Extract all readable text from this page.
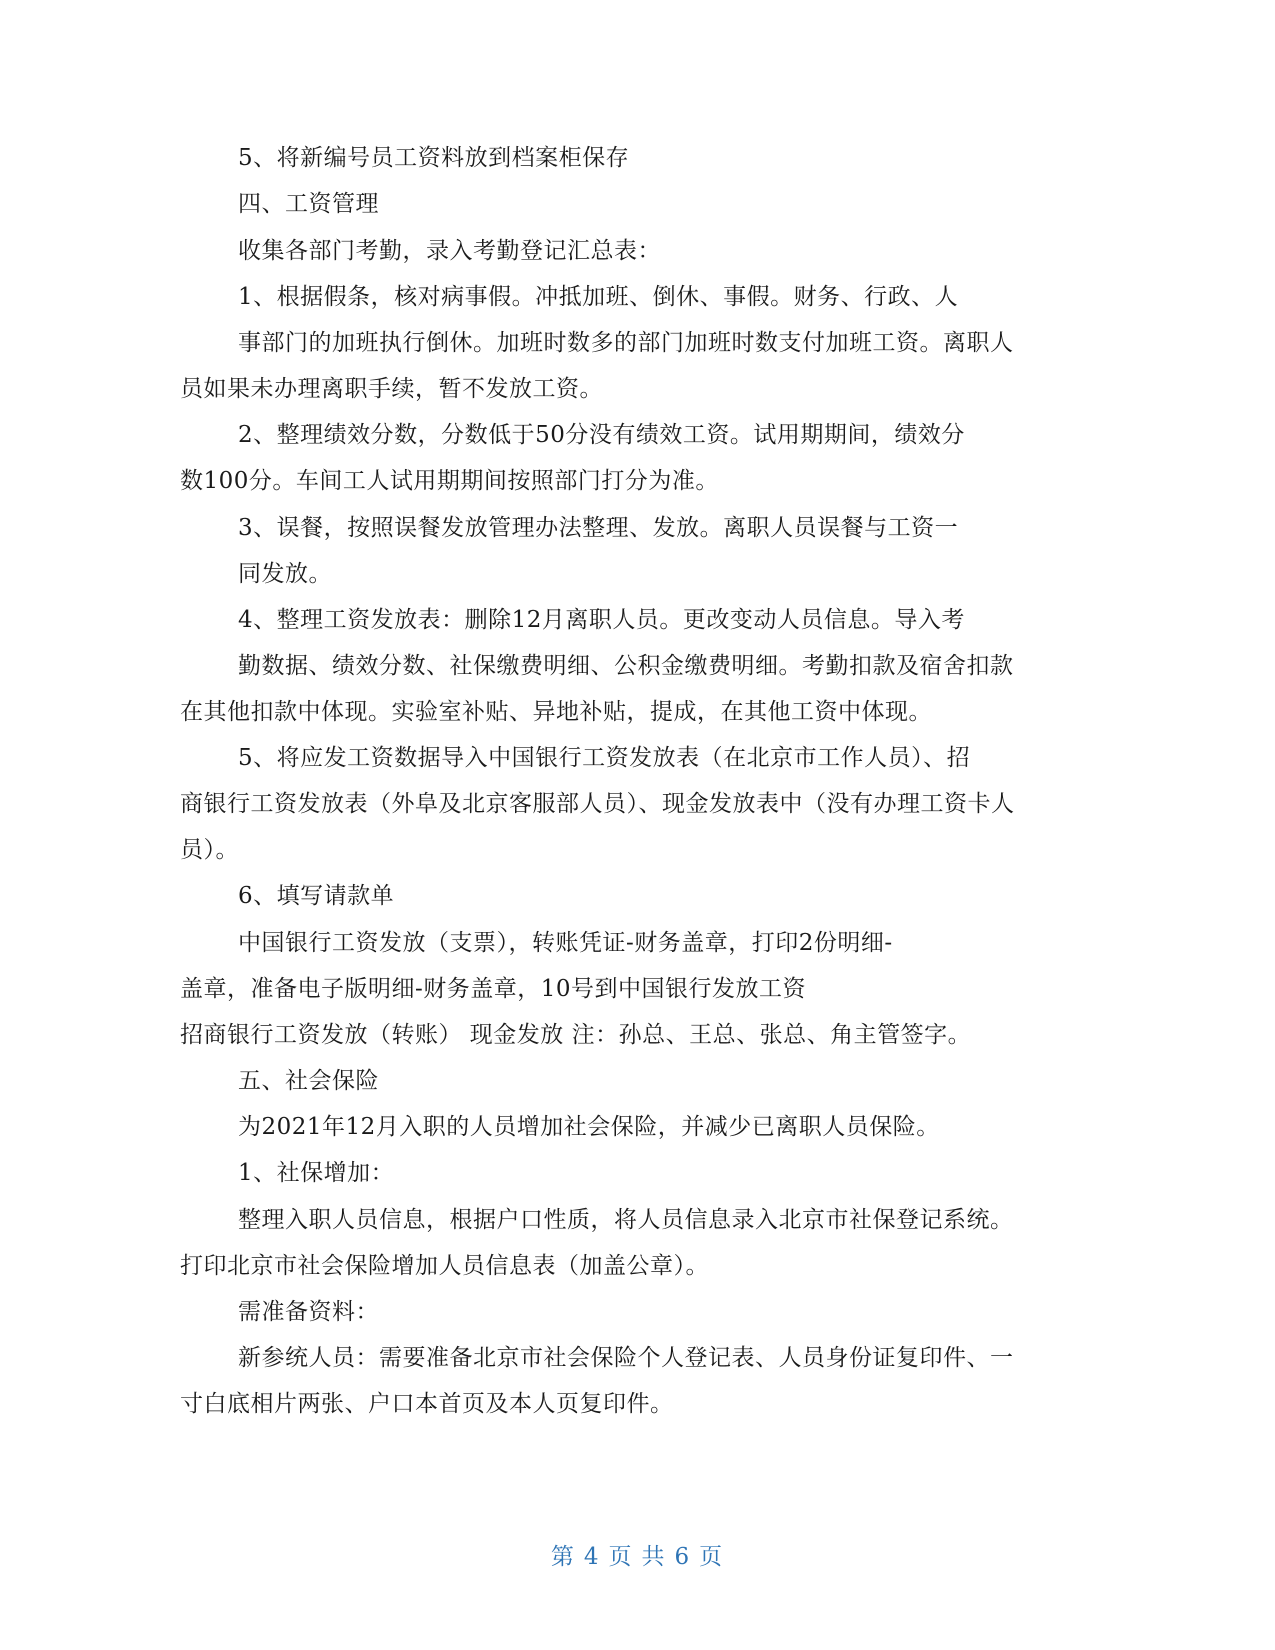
5、将新编号员工资料放到档案柜保存
四、工资管理
收集各部门考勤，录入考勤登记汇总表：
1、根据假条，核对病事假。冲抵加班、倒休、事假。财务、行政、人
事部门的加班执行倒休。加班时数多的部门加班时数支付加班工资。离职人
员如果未办理离职手续，暂不发放工资。
2、整理绩效分数，分数低于50分没有绩效工资。试用期期间，绩效分
数100分。车间工人试用期期间按照部门打分为准。
3、误餐，按照误餐发放管理办法整理、发放。离职人员误餐与工资一
同发放。
4、整理工资发放表：删除12月离职人员。更改变动人员信息。导入考
勤数据、绩效分数、社保缴费明细、公积金缴费明细。考勤扣款及宿舍扣款
在其他扣款中体现。实验室补贴、异地补贴，提成，在其他工资中体现。
5、将应发工资数据导入中国银行工资发放表（在北京市工作人员）、招
商银行工资发放表（外阜及北京客服部人员）、现金发放表中（没有办理工资卡人
员）。
6、填写请款单
中国银行工资发放（支票），转账凭证-财务盖章，打印2份明细-
盖章，准备电子版明细-财务盖章，10号到中国银行发放工资
招商银行工资发放（转账） 现金发放 注：孙总、王总、张总、角主管签字。
五、社会保险
为2021年12月入职的人员增加社会保险，并减少已离职人员保险。
1、社保增加：
整理入职人员信息，根据户口性质，将人员信息录入北京市社保登记系统。
打印北京市社会保险增加人员信息表（加盖公章）。
需准备资料：
新参统人员：需要准备北京市社会保险个人登记表、人员身份证复印件、一
寸白底相片两张、户口本首页及本人页复印件。
第 4 页 共 6 页
